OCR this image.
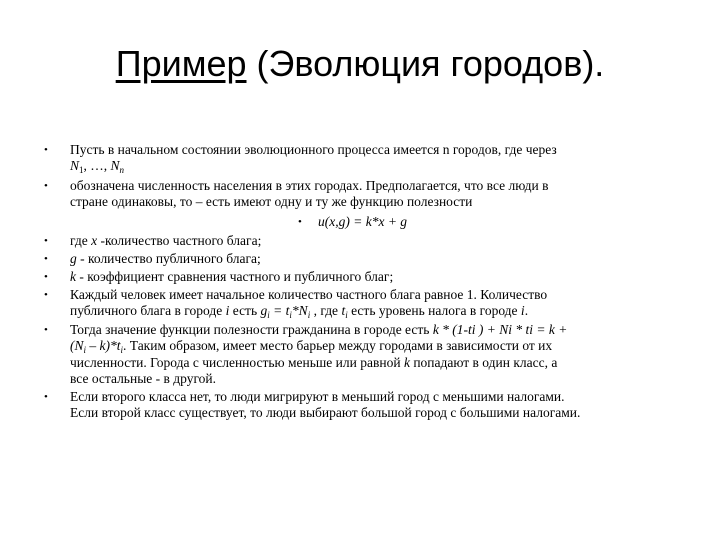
Пример (Эволюция городов).
•
•
•
•
•
•
•
•
•
Пусть в начальном состоянии эволюционного процесса имеется n городов, где через
$N_1$, …, $N_n$
обозначена численность населения в этих городах. Предполагается, что все люди в
стране одинаковы, то – есть имеют одну и ту же функцию полезности
u(x,g) = k*x + g
где x -количество частного блага;
g - количество публичного блага;
k - коэффициент сравнения частного и публичного благ;
Каждый человек имеет начальное количество частного блага равное 1. Количество
публичного блага в городе i есть $g_i = t_i*N_i$ , где $t_i$ есть уровень налога в городе i.
Тогда значение функции полезности гражданина в городе есть k * (1-ti ) + Ni * ti = k +
$(N_i - k)*t_i$. Таким образом, имеет место барьер между городами в зависимости от их
численности. Города с численностью меньше или равной k попадают в один класс, а
все остальные - в другой.
Если второго класса нет, то люди мигрируют в меньший город с меньшими налогами.
Если второй класс существует, то люди выбирают большой город с большими налогами.
